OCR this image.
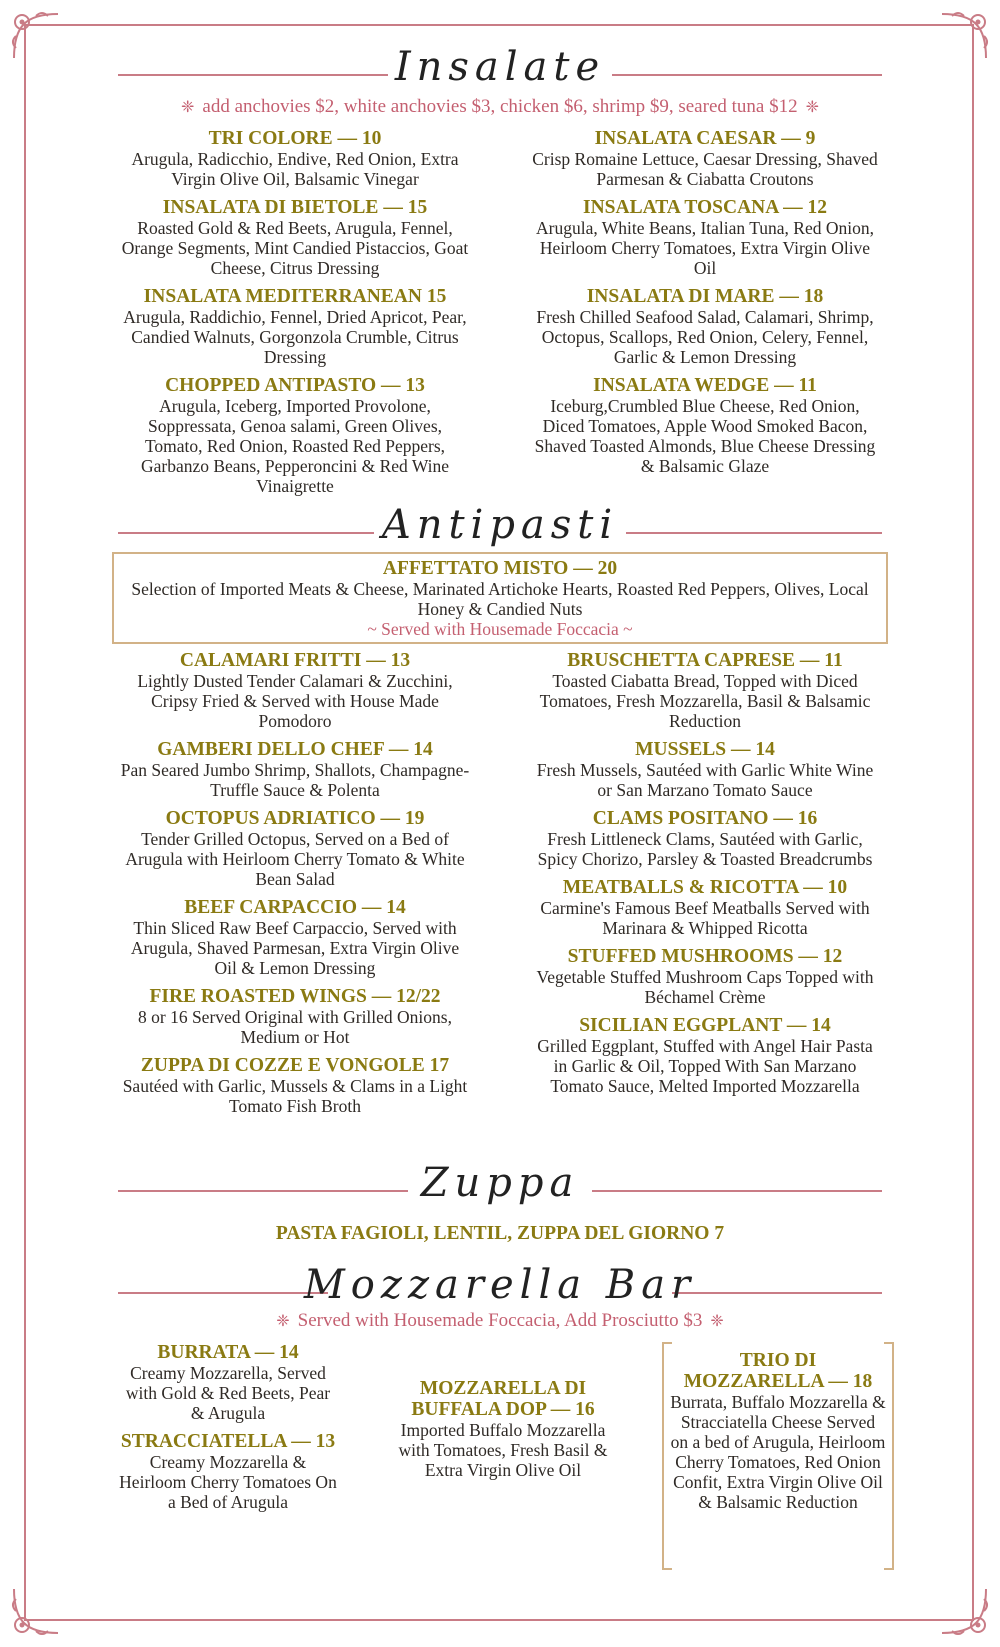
Insalate
❈ add anchovies $2, white anchovies $3, chicken $6, shrimp $9, seared tuna $12 ❈
TRI COLORE — 10
Arugula, Radicchio, Endive, Red Onion, Extra Virgin Olive Oil, Balsamic Vinegar
INSALATA DI BIETOLE — 15
Roasted Gold & Red Beets, Arugula, Fennel, Orange Segments, Mint Candied Pistaccios, Goat Cheese, Citrus Dressing
INSALATA MEDITERRANEAN 15
Arugula, Raddichio, Fennel, Dried Apricot, Pear, Candied Walnuts, Gorgonzola Crumble, Citrus Dressing
CHOPPED ANTIPASTO — 13
Arugula, Iceberg, Imported Provolone, Soppressata, Genoa salami, Green Olives, Tomato, Red Onion, Roasted Red Peppers, Garbanzo Beans, Pepperoncini & Red Wine Vinaigrette
INSALATA CAESAR — 9
Crisp Romaine Lettuce, Caesar Dressing, Shaved Parmesan & Ciabatta Croutons
INSALATA TOSCANA — 12
Arugula, White Beans, Italian Tuna, Red Onion, Heirloom Cherry Tomatoes, Extra Virgin Olive Oil
INSALATA DI MARE — 18
Fresh Chilled Seafood Salad, Calamari, Shrimp, Octopus, Scallops, Red Onion, Celery, Fennel, Garlic & Lemon Dressing
INSALATA WEDGE — 11
Iceburg,Crumbled Blue Cheese, Red Onion, Diced Tomatoes, Apple Wood Smoked Bacon, Shaved Toasted Almonds, Blue Cheese Dressing & Balsamic Glaze
Antipasti
AFFETTATO MISTO — 20
Selection of Imported Meats & Cheese, Marinated Artichoke Hearts, Roasted Red Peppers, Olives, Local Honey & Candied Nuts
~ Served with Housemade Foccacia ~
CALAMARI FRITTI — 13
Lightly Dusted Tender Calamari & Zucchini, Cripsy Fried & Served with House Made Pomodoro
GAMBERI DELLO CHEF — 14
Pan Seared Jumbo Shrimp, Shallots, Champagne-Truffle Sauce & Polenta
OCTOPUS ADRIATICO — 19
Tender Grilled Octopus, Served on a Bed of Arugula with Heirloom Cherry Tomato & White Bean Salad
BEEF CARPACCIO — 14
Thin Sliced Raw Beef Carpaccio, Served with Arugula, Shaved Parmesan, Extra Virgin Olive Oil & Lemon Dressing
FIRE ROASTED WINGS — 12/22
8 or 16 Served Original with Grilled Onions, Medium or Hot
ZUPPA DI COZZE E VONGOLE 17
Sautéed with Garlic, Mussels & Clams in a Light Tomato Fish Broth
BRUSCHETTA CAPRESE — 11
Toasted Ciabatta Bread, Topped with Diced Tomatoes, Fresh Mozzarella, Basil & Balsamic Reduction
MUSSELS — 14
Fresh Mussels, Sautéed with Garlic White Wine or San Marzano Tomato Sauce
CLAMS POSITANO — 16
Fresh Littleneck Clams, Sautéed with Garlic, Spicy Chorizo, Parsley & Toasted Breadcrumbs
MEATBALLS & RICOTTA — 10
Carmine's Famous Beef Meatballs Served with Marinara & Whipped Ricotta
STUFFED MUSHROOMS — 12
Vegetable Stuffed Mushroom Caps Topped with Béchamel Crème
SICILIAN EGGPLANT — 14
Grilled Eggplant, Stuffed with Angel Hair Pasta in Garlic & Oil, Topped With San Marzano Tomato Sauce, Melted Imported Mozzarella
Zuppa
PASTA FAGIOLI, LENTIL, ZUPPA DEL GIORNO 7
Mozzarella Bar
❈ Served with Housemade Foccacia, Add Prosciutto $3 ❈
BURRATA — 14
Creamy Mozzarella, Served with Gold & Red Beets, Pear & Arugula
STRACCIATELLA — 13
Creamy Mozzarella & Heirloom Cherry Tomatoes On a Bed of Arugula
MOZZARELLA DI BUFFALA DOP — 16
Imported Buffalo Mozzarella with Tomatoes, Fresh Basil & Extra Virgin Olive Oil
TRIO DI MOZZARELLA — 18
Burrata, Buffalo Mozzarella & Stracciatella Cheese Served on a bed of Arugula, Heirloom Cherry Tomatoes, Red Onion Confit, Extra Virgin Olive Oil & Balsamic Reduction
